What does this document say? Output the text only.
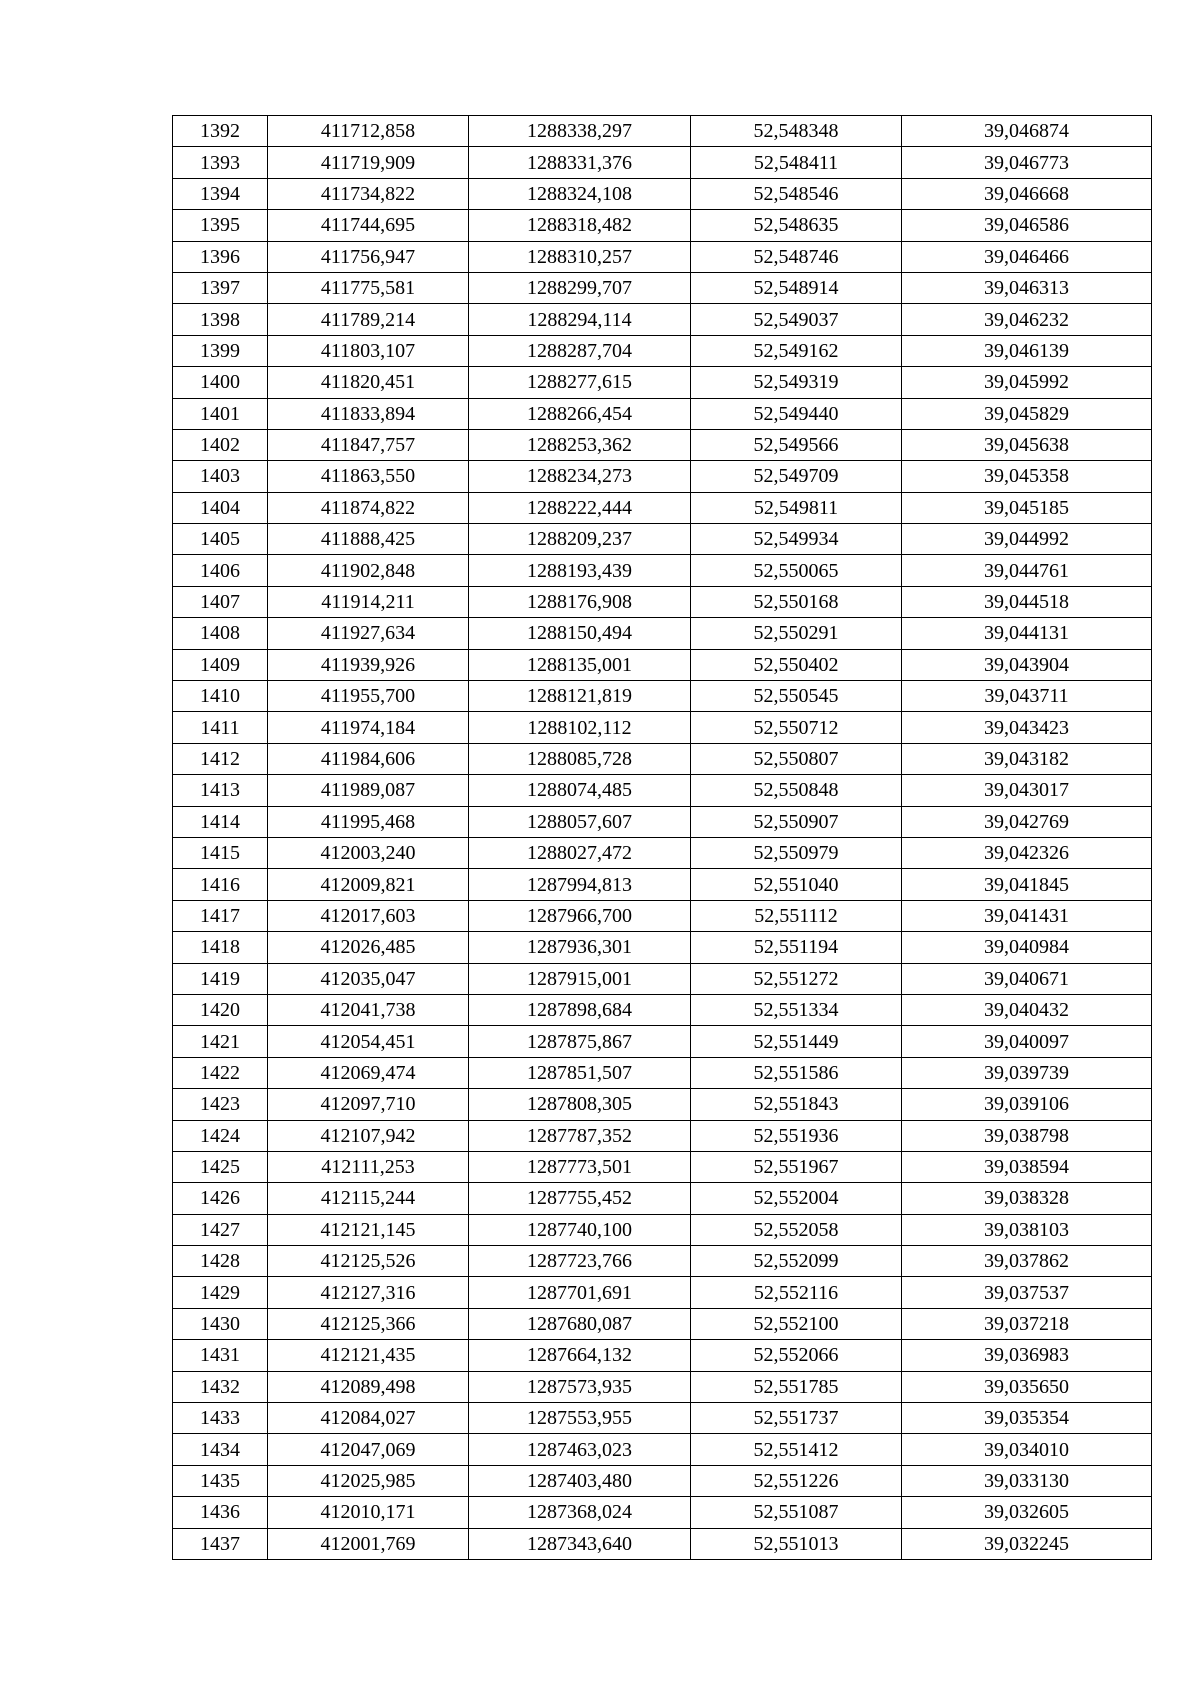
1392	411712,858	1288338,297	52,548348	39,046874
1393	411719,909	1288331,376	52,548411	39,046773
1394	411734,822	1288324,108	52,548546	39,046668
1395	411744,695	1288318,482	52,548635	39,046586
1396	411756,947	1288310,257	52,548746	39,046466
1397	411775,581	1288299,707	52,548914	39,046313
1398	411789,214	1288294,114	52,549037	39,046232
1399	411803,107	1288287,704	52,549162	39,046139
1400	411820,451	1288277,615	52,549319	39,045992
1401	411833,894	1288266,454	52,549440	39,045829
1402	411847,757	1288253,362	52,549566	39,045638
1403	411863,550	1288234,273	52,549709	39,045358
1404	411874,822	1288222,444	52,549811	39,045185
1405	411888,425	1288209,237	52,549934	39,044992
1406	411902,848	1288193,439	52,550065	39,044761
1407	411914,211	1288176,908	52,550168	39,044518
1408	411927,634	1288150,494	52,550291	39,044131
1409	411939,926	1288135,001	52,550402	39,043904
1410	411955,700	1288121,819	52,550545	39,043711
1411	411974,184	1288102,112	52,550712	39,043423
1412	411984,606	1288085,728	52,550807	39,043182
1413	411989,087	1288074,485	52,550848	39,043017
1414	411995,468	1288057,607	52,550907	39,042769
1415	412003,240	1288027,472	52,550979	39,042326
1416	412009,821	1287994,813	52,551040	39,041845
1417	412017,603	1287966,700	52,551112	39,041431
1418	412026,485	1287936,301	52,551194	39,040984
1419	412035,047	1287915,001	52,551272	39,040671
1420	412041,738	1287898,684	52,551334	39,040432
1421	412054,451	1287875,867	52,551449	39,040097
1422	412069,474	1287851,507	52,551586	39,039739
1423	412097,710	1287808,305	52,551843	39,039106
1424	412107,942	1287787,352	52,551936	39,038798
1425	412111,253	1287773,501	52,551967	39,038594
1426	412115,244	1287755,452	52,552004	39,038328
1427	412121,145	1287740,100	52,552058	39,038103
1428	412125,526	1287723,766	52,552099	39,037862
1429	412127,316	1287701,691	52,552116	39,037537
1430	412125,366	1287680,087	52,552100	39,037218
1431	412121,435	1287664,132	52,552066	39,036983
1432	412089,498	1287573,935	52,551785	39,035650
1433	412084,027	1287553,955	52,551737	39,035354
1434	412047,069	1287463,023	52,551412	39,034010
1435	412025,985	1287403,480	52,551226	39,033130
1436	412010,171	1287368,024	52,551087	39,032605
1437	412001,769	1287343,640	52,551013	39,032245
